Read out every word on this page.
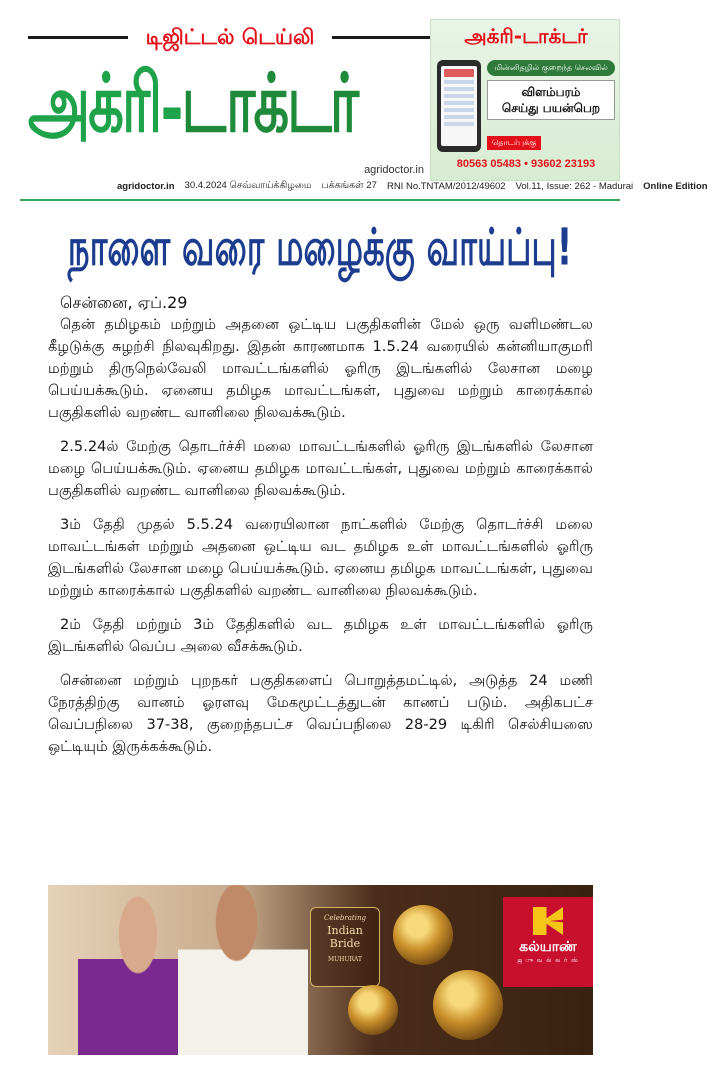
டிஜிட்டல் டெய்லி
அக்ரி - டாக்டர்
agridoctor.in
அக்ரி-டாக்டர்
மின்னிதழில் குறைந்த செலவில்
விளம்பரம்
செய்து பயன்பெற
தொடர்புக்கு
80563 05483 • 93602 23193
agridoctor.in	30.4.2024 செவ்வாய்க்கிழமை	பக்கங்கள் 27	RNI No.TNTAM/2012/49602	Vol.11, Issue: 262 - Madurai	Online Edition
நாளை வரை மழைக்கு வாய்ப்பு!
சென்னை, ஏப்.29

தென் தமிழகம் மற்றும் அதனை ஒட்டிய பகுதிகளின் மேல் ஒரு வளிமண்டல கீழடுக்கு சுழற்சி நிலவுகிறது. இதன் காரணமாக 1.5.24 வரையில் கன்னியாகுமரி மற்றும் திருநெல்வேலி மாவட்டங்களில் ஓரிரு இடங்களில் லேசான மழை பெய்யக்கூடும். ஏனைய தமிழக மாவட்டங்கள், புதுவை மற்றும் காரைக்கால் பகுதிகளில் வறண்ட வானிலை நிலவக்கூடும்.

2.5.24ல் மேற்கு தொடர்ச்சி மலை மாவட்டங்களில் ஓரிரு இடங்களில் லேசான மழை பெய்யக்கூடும். ஏனைய தமிழக மாவட்டங்கள், புதுவை மற்றும் காரைக்கால் பகுதிகளில் வறண்ட வானிலை நிலவக்கூடும்.

3ம் தேதி முதல் 5.5.24 வரையிலான நாட்களில் மேற்கு தொடர்ச்சி மலை மாவட்டங்கள் மற்றும் அதனை ஒட்டிய வட தமிழக உள் மாவட்டங்களில் ஓரிரு இடங்களில் லேசான மழை பெய்யக்கூடும். ஏனைய தமிழக மாவட்டங்கள், புதுவை மற்றும் காரைக்கால் பகுதிகளில் வறண்ட வானிலை நிலவக்கூடும்.

2ம் தேதி மற்றும் 3ம் தேதிகளில் வட தமிழக உள் மாவட்டங்களில் ஓரிரு இடங்களில் வெப்ப அலை வீசக்கூடும்.

சென்னை மற்றும் புறநகர் பகுதிகளைப் பொறுத்தமட்டில், அடுத்த 24 மணி நேரத்திற்கு வானம் ஓரளவு மேகமூட்டத்துடன் காணப் படும். அதிகபட்ச வெப்பநிலை 37-38, குறைந்தபட்ச வெப்பநிலை 28-29 டிகிரி செல்சியஸை ஒட்டியும் இருக்கக்கூடும்.

Celebrating
Indian Bride
MUHURAT
கல்யாண்
ஜ ு வ ல் ல ர் ஸ்
